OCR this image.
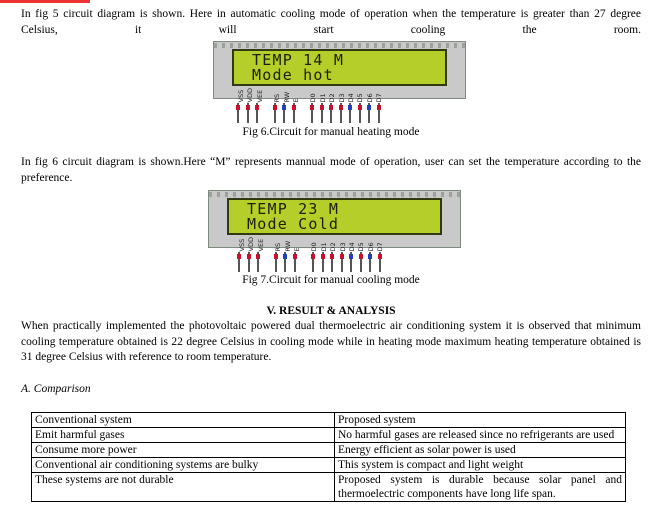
In fig 5 circuit diagram is shown. Here in automatic cooling mode of operation when the temperature is greater than 27 degree Celsius, it will start cooling the room.

TEMP 14 M
Mode hot
VSS VDD VEE RS RW E D0 D1 D2 D3 D4 D5 D6 D7
Fig 6.Circuit for manual heating mode

In fig 6 circuit diagram is shown.Here “M” represents mannual mode of operation, user can set the temperature according to the preference.

TEMP 23 M
Mode Cold
VSS VDD VEE RS RW E D0 D1 D2 D3 D4 D5 D6 D7
Fig 7.Circuit for manual cooling mode
V. RESULT & ANALYSIS

When practically implemented the photovoltaic powered dual thermoelectric air conditioning system it is observed that minimum cooling temperature obtained is 22 degree Celsius in cooling mode while in heating mode maximum heating temperature obtained is 31 degree Celsius with reference to room temperature.

A. Comparison
Conventional system	Proposed system
Emit harmful gases	No harmful gases are released since no refrigerants are used
Consume more power	Energy efficient as solar power is used
Conventional air conditioning systems are bulky	This system is compact and light weight
These systems are not durable	Proposed system is durable because solar panel and thermoelectric components have long life span.
